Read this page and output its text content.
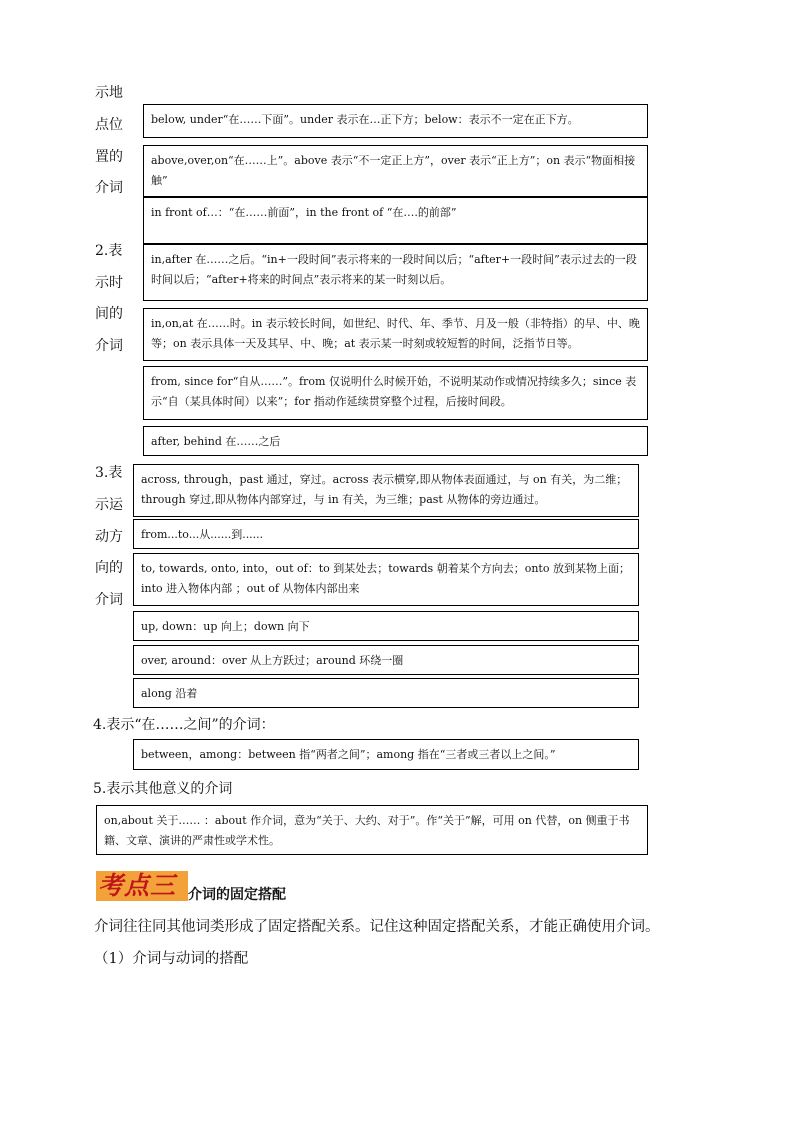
示地
点位
置的
介词
below, under“在……下面”。under 表示在…正下方；below：表示不一定在正下方。
above,over,on“在……上”。above 表示“不一定正上方”，over 表示“正上方”；on 表示“物面相接触”
in front of…：“在……前面”，in the front of “在….的前部”
2.表
示时
间的
介词
in,after 在……之后。“in+一段时间”表示将来的一段时间以后；“after+一段时间”表示过去的一段时间以后；“after+将来的时间点”表示将来的某一时刻以后。
in,on,at 在……时。in 表示较长时间，如世纪、时代、年、季节、月及一般（非特指）的早、中、晚等；on 表示具体一天及其早、中、晚；at 表示某一时刻或较短暂的时间，泛指节日等。
from, since for“自从……”。from 仅说明什么时候开始，不说明某动作或情况持续多久；since 表示“自（某具体时间）以来”；for 指动作延续贯穿整个过程，后接时间段。
after, behind 在……之后
3.表
示运
动方
向的
介词
across, through，past 通过，穿过。across 表示横穿,即从物体表面通过，与 on 有关，为二维；through 穿过,即从物体内部穿过，与 in 有关，为三维；past 从物体的旁边通过。
from...to...从......到......
to, towards, onto, into，out of：to 到某处去；towards 朝着某个方向去；onto 放到某物上面；into 进入物体内部 ；out of 从物体内部出来
up, down：up 向上；down 向下
over, around：over 从上方跃过；around 环绕一圈
along 沿着
4.表示“在……之间”的介词：
between，among：between 指“两者之间”；among 指在“三者或三者以上之间。”
5.表示其他意义的介词
on,about 关于…… ：about 作介词，意为“关于、大约、对于”。作“关于”解，可用 on 代替，on 侧重于书籍、文章、演讲的严肃性或学术性。
考点三 介词的固定搭配
介词往往同其他词类形成了固定搭配关系。记住这种固定搭配关系，才能正确使用介词。
（1）介词与动词的搭配
